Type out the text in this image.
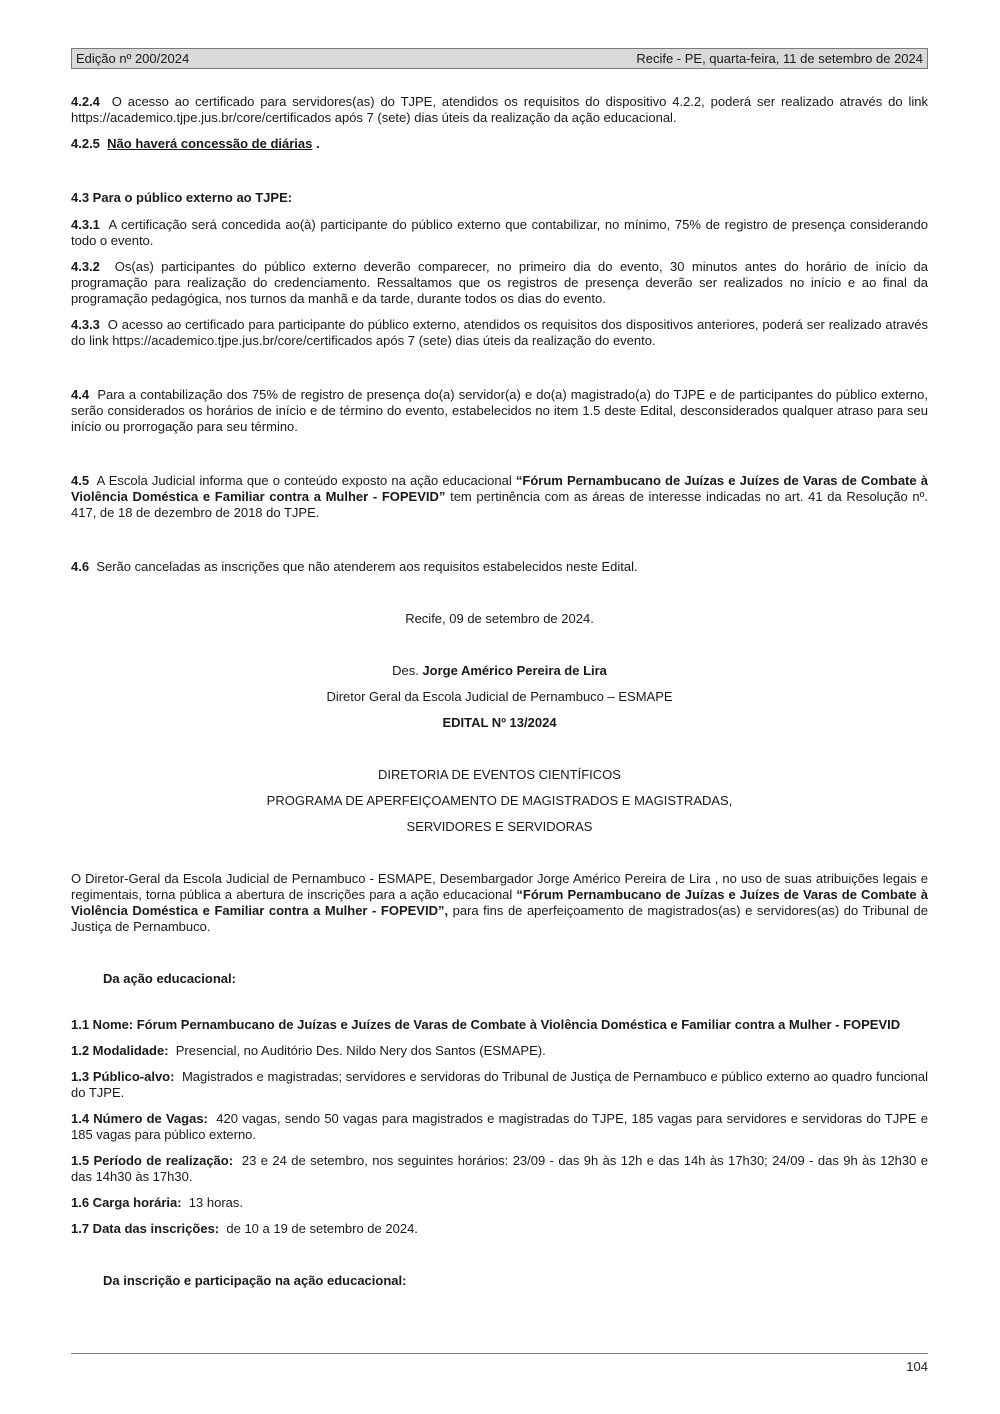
Edição nº 200/2024	Recife - PE, quarta-feira, 11 de setembro de 2024

4.2.4 O acesso ao certificado para servidores(as) do TJPE, atendidos os requisitos do dispositivo 4.2.2, poderá ser realizado através do link https://academico.tjpe.jus.br/core/certificados após 7 (sete) dias úteis da realização da ação educacional.

4.2.5 Não haverá concessão de diárias .

4.3 Para o público externo ao TJPE:

4.3.1 A certificação será concedida ao(à) participante do público externo que contabilizar, no mínimo, 75% de registro de presença considerando todo o evento.

4.3.2 Os(as) participantes do público externo deverão comparecer, no primeiro dia do evento, 30 minutos antes do horário de início da programação para realização do credenciamento. Ressaltamos que os registros de presença deverão ser realizados no início e ao final da programação pedagógica, nos turnos da manhã e da tarde, durante todos os dias do evento.

4.3.3 O acesso ao certificado para participante do público externo, atendidos os requisitos dos dispositivos anteriores, poderá ser realizado através do link https://academico.tjpe.jus.br/core/certificados após 7 (sete) dias úteis da realização do evento.

4.4 Para a contabilização dos 75% de registro de presença do(a) servidor(a) e do(a) magistrado(a) do TJPE e de participantes do público externo, serão considerados os horários de início e de término do evento, estabelecidos no item 1.5 deste Edital, desconsiderados qualquer atraso para seu início ou prorrogação para seu término.

4.5 A Escola Judicial informa que o conteúdo exposto na ação educacional “Fórum Pernambucano de Juízas e Juízes de Varas de Combate à Violência Doméstica e Familiar contra a Mulher - FOPEVID” tem pertinência com as áreas de interesse indicadas no art. 41 da Resolução nº. 417, de 18 de dezembro de 2018 do TJPE.

4.6 Serão canceladas as inscrições que não atenderem aos requisitos estabelecidos neste Edital.

Recife, 09 de setembro de 2024.

Des. Jorge Américo Pereira de Lira

Diretor Geral da Escola Judicial de Pernambuco – ESMAPE

EDITAL Nº 13/2024

DIRETORIA DE EVENTOS CIENTÍFICOS

PROGRAMA DE APERFEIÇOAMENTO DE MAGISTRADOS E MAGISTRADAS,

SERVIDORES E SERVIDORAS

O Diretor-Geral da Escola Judicial de Pernambuco - ESMAPE, Desembargador Jorge Américo Pereira de Lira , no uso de suas atribuições legais e regimentais, torna pública a abertura de inscrições para a ação educacional “Fórum Pernambucano de Juízas e Juízes de Varas de Combate à Violência Doméstica e Familiar contra a Mulher - FOPEVID”, para fins de aperfeiçoamento de magistrados(as) e servidores(as) do Tribunal de Justiça de Pernambuco.

Da ação educacional:

1.1 Nome: Fórum Pernambucano de Juízas e Juízes de Varas de Combate à Violência Doméstica e Familiar contra a Mulher - FOPEVID

1.2 Modalidade: Presencial, no Auditório Des. Nildo Nery dos Santos (ESMAPE).

1.3 Público-alvo: Magistrados e magistradas; servidores e servidoras do Tribunal de Justiça de Pernambuco e público externo ao quadro funcional do TJPE.

1.4 Número de Vagas: 420 vagas, sendo 50 vagas para magistrados e magistradas do TJPE, 185 vagas para servidores e servidoras do TJPE e 185 vagas para público externo.

1.5 Período de realização: 23 e 24 de setembro, nos seguintes horários: 23/09 - das 9h às 12h e das 14h às 17h30; 24/09 - das 9h às 12h30 e das 14h30 às 17h30.

1.6 Carga horária: 13 horas.

1.7 Data das inscrições: de 10 a 19 de setembro de 2024.

Da inscrição e participação na ação educacional:

104
